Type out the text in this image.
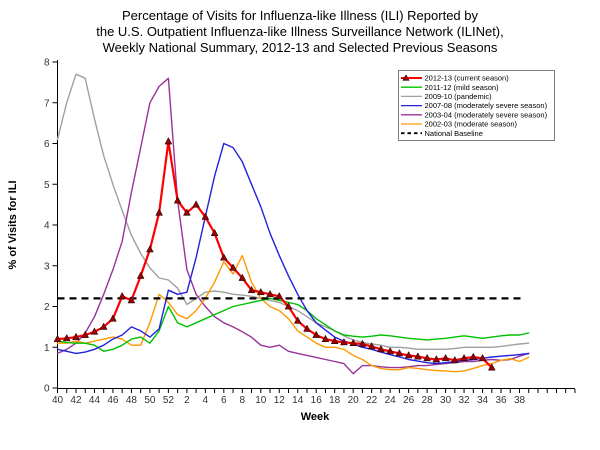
Percentage of Visits for Influenza-like Illness (ILI) Reported by
the U.S. Outpatient Influenza-like Illness Surveillance Network (ILINet),
Weekly National Summary, 2012-13 and Selected Previous Seasons
0
1
2
3
4
5
6
7
8
40 42 44 46 48 50 52 2 4 6 8 10 12 14 16 18 20 22 24 26 28 30 32 34 36 38
Week
% of Visits for ILI
2012-13 (current season)
2011-12 (mild season)
2009-10 (pandemic)
2007-08 (moderately severe season)
2003-04 (moderately severe season)
2002-03 (moderate season)
National Baseline
